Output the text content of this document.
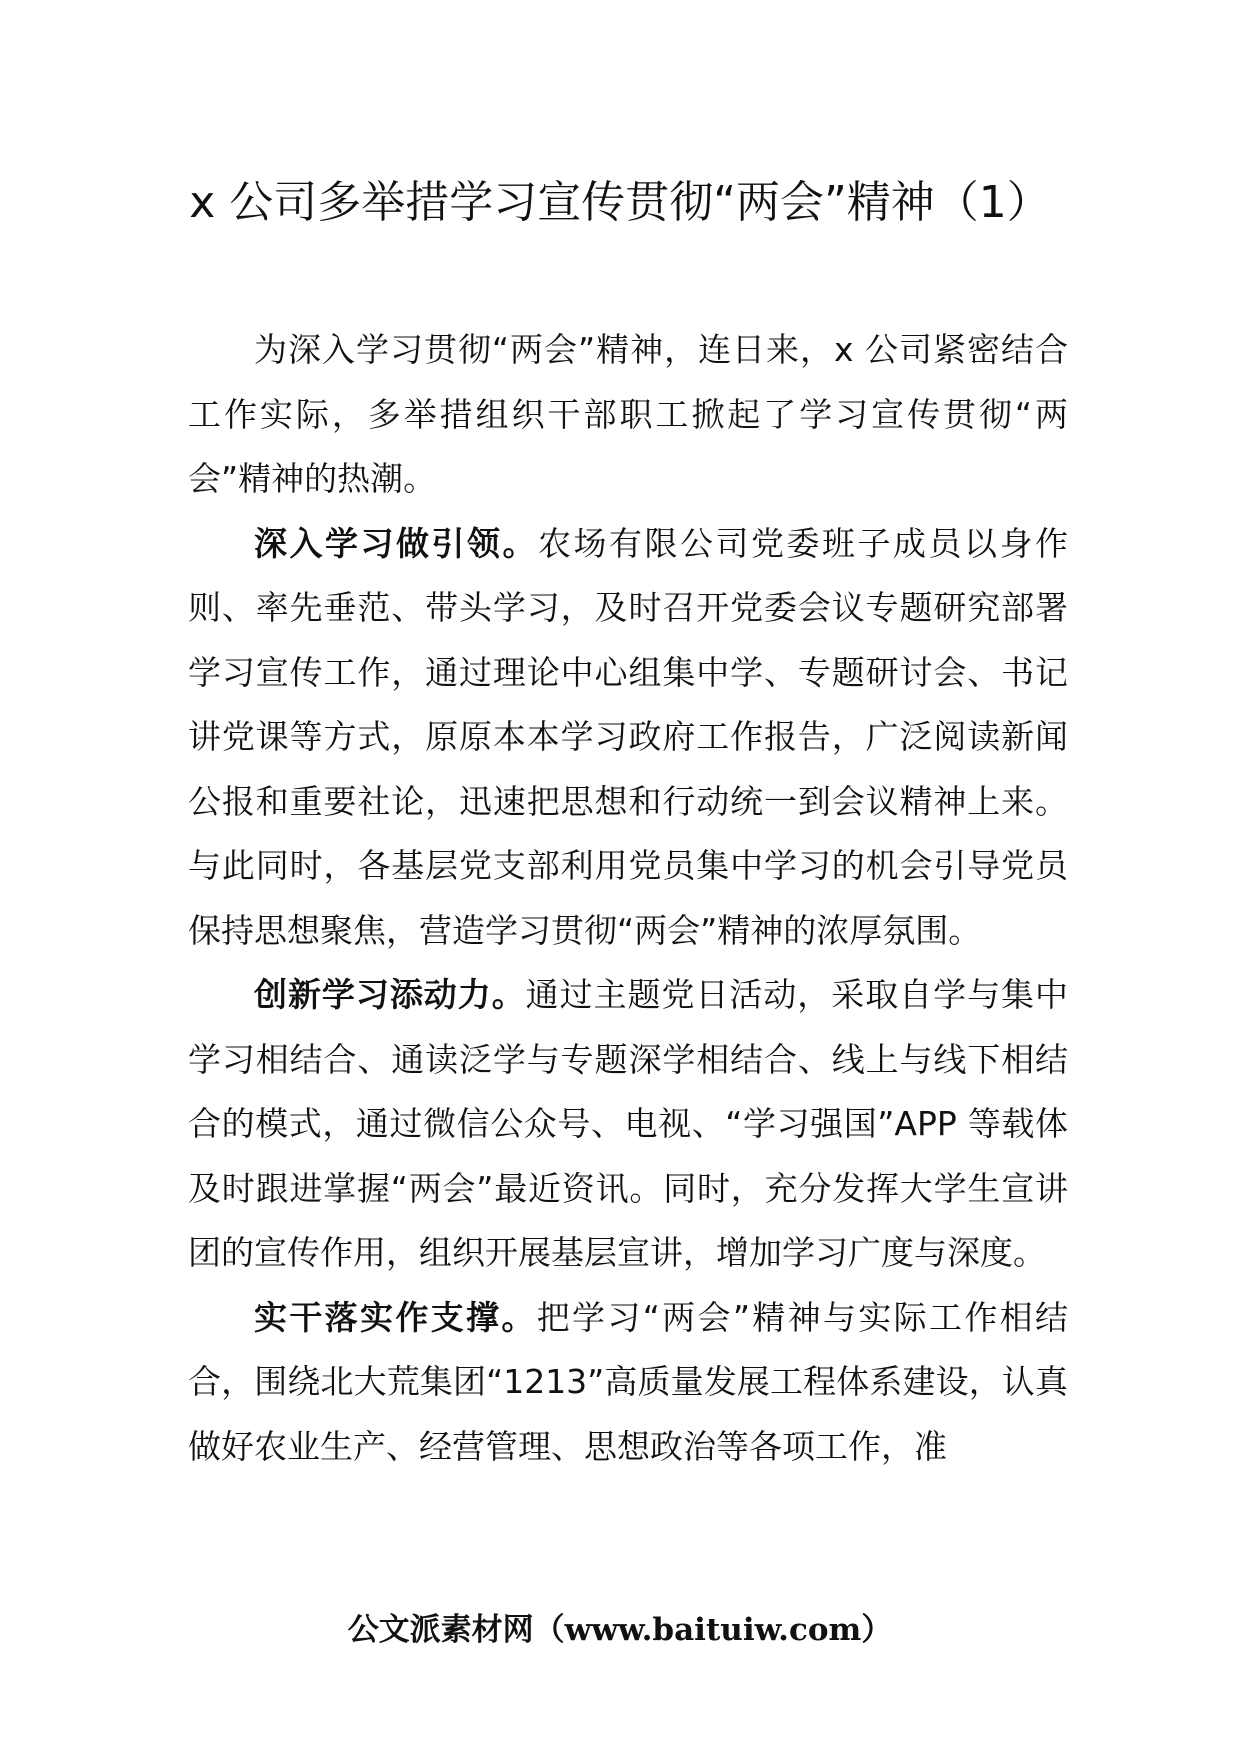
x 公司多举措学习宣传贯彻“两会”精神（1）

为深入学习贯彻“两会”精神，连日来，x 公司紧密结合工作实际，多举措组织干部职工掀起了学习宣传贯彻“两会”精神的热潮。

深入学习做引领。农场有限公司党委班子成员以身作则、率先垂范、带头学习，及时召开党委会议专题研究部署学习宣传工作，通过理论中心组集中学、专题研讨会、书记讲党课等方式，原原本本学习政府工作报告，广泛阅读新闻公报和重要社论，迅速把思想和行动统一到会议精神上来。与此同时，各基层党支部利用党员集中学习的机会引导党员保持思想聚焦，营造学习贯彻“两会”精神的浓厚氛围。

创新学习添动力。通过主题党日活动，采取自学与集中学习相结合、通读泛学与专题深学相结合、线上与线下相结合的模式，通过微信公众号、电视、“学习强国”APP 等载体及时跟进掌握“两会”最近资讯。同时，充分发挥大学生宣讲团的宣传作用，组织开展基层宣讲，增加学习广度与深度。

实干落实作支撑。把学习“两会”精神与实际工作相结合，围绕北大荒集团“1213”高质量发展工程体系建设，认真做好农业生产、经营管理、思想政治等各项工作，准

公文派素材网（www.baituiw.com）
